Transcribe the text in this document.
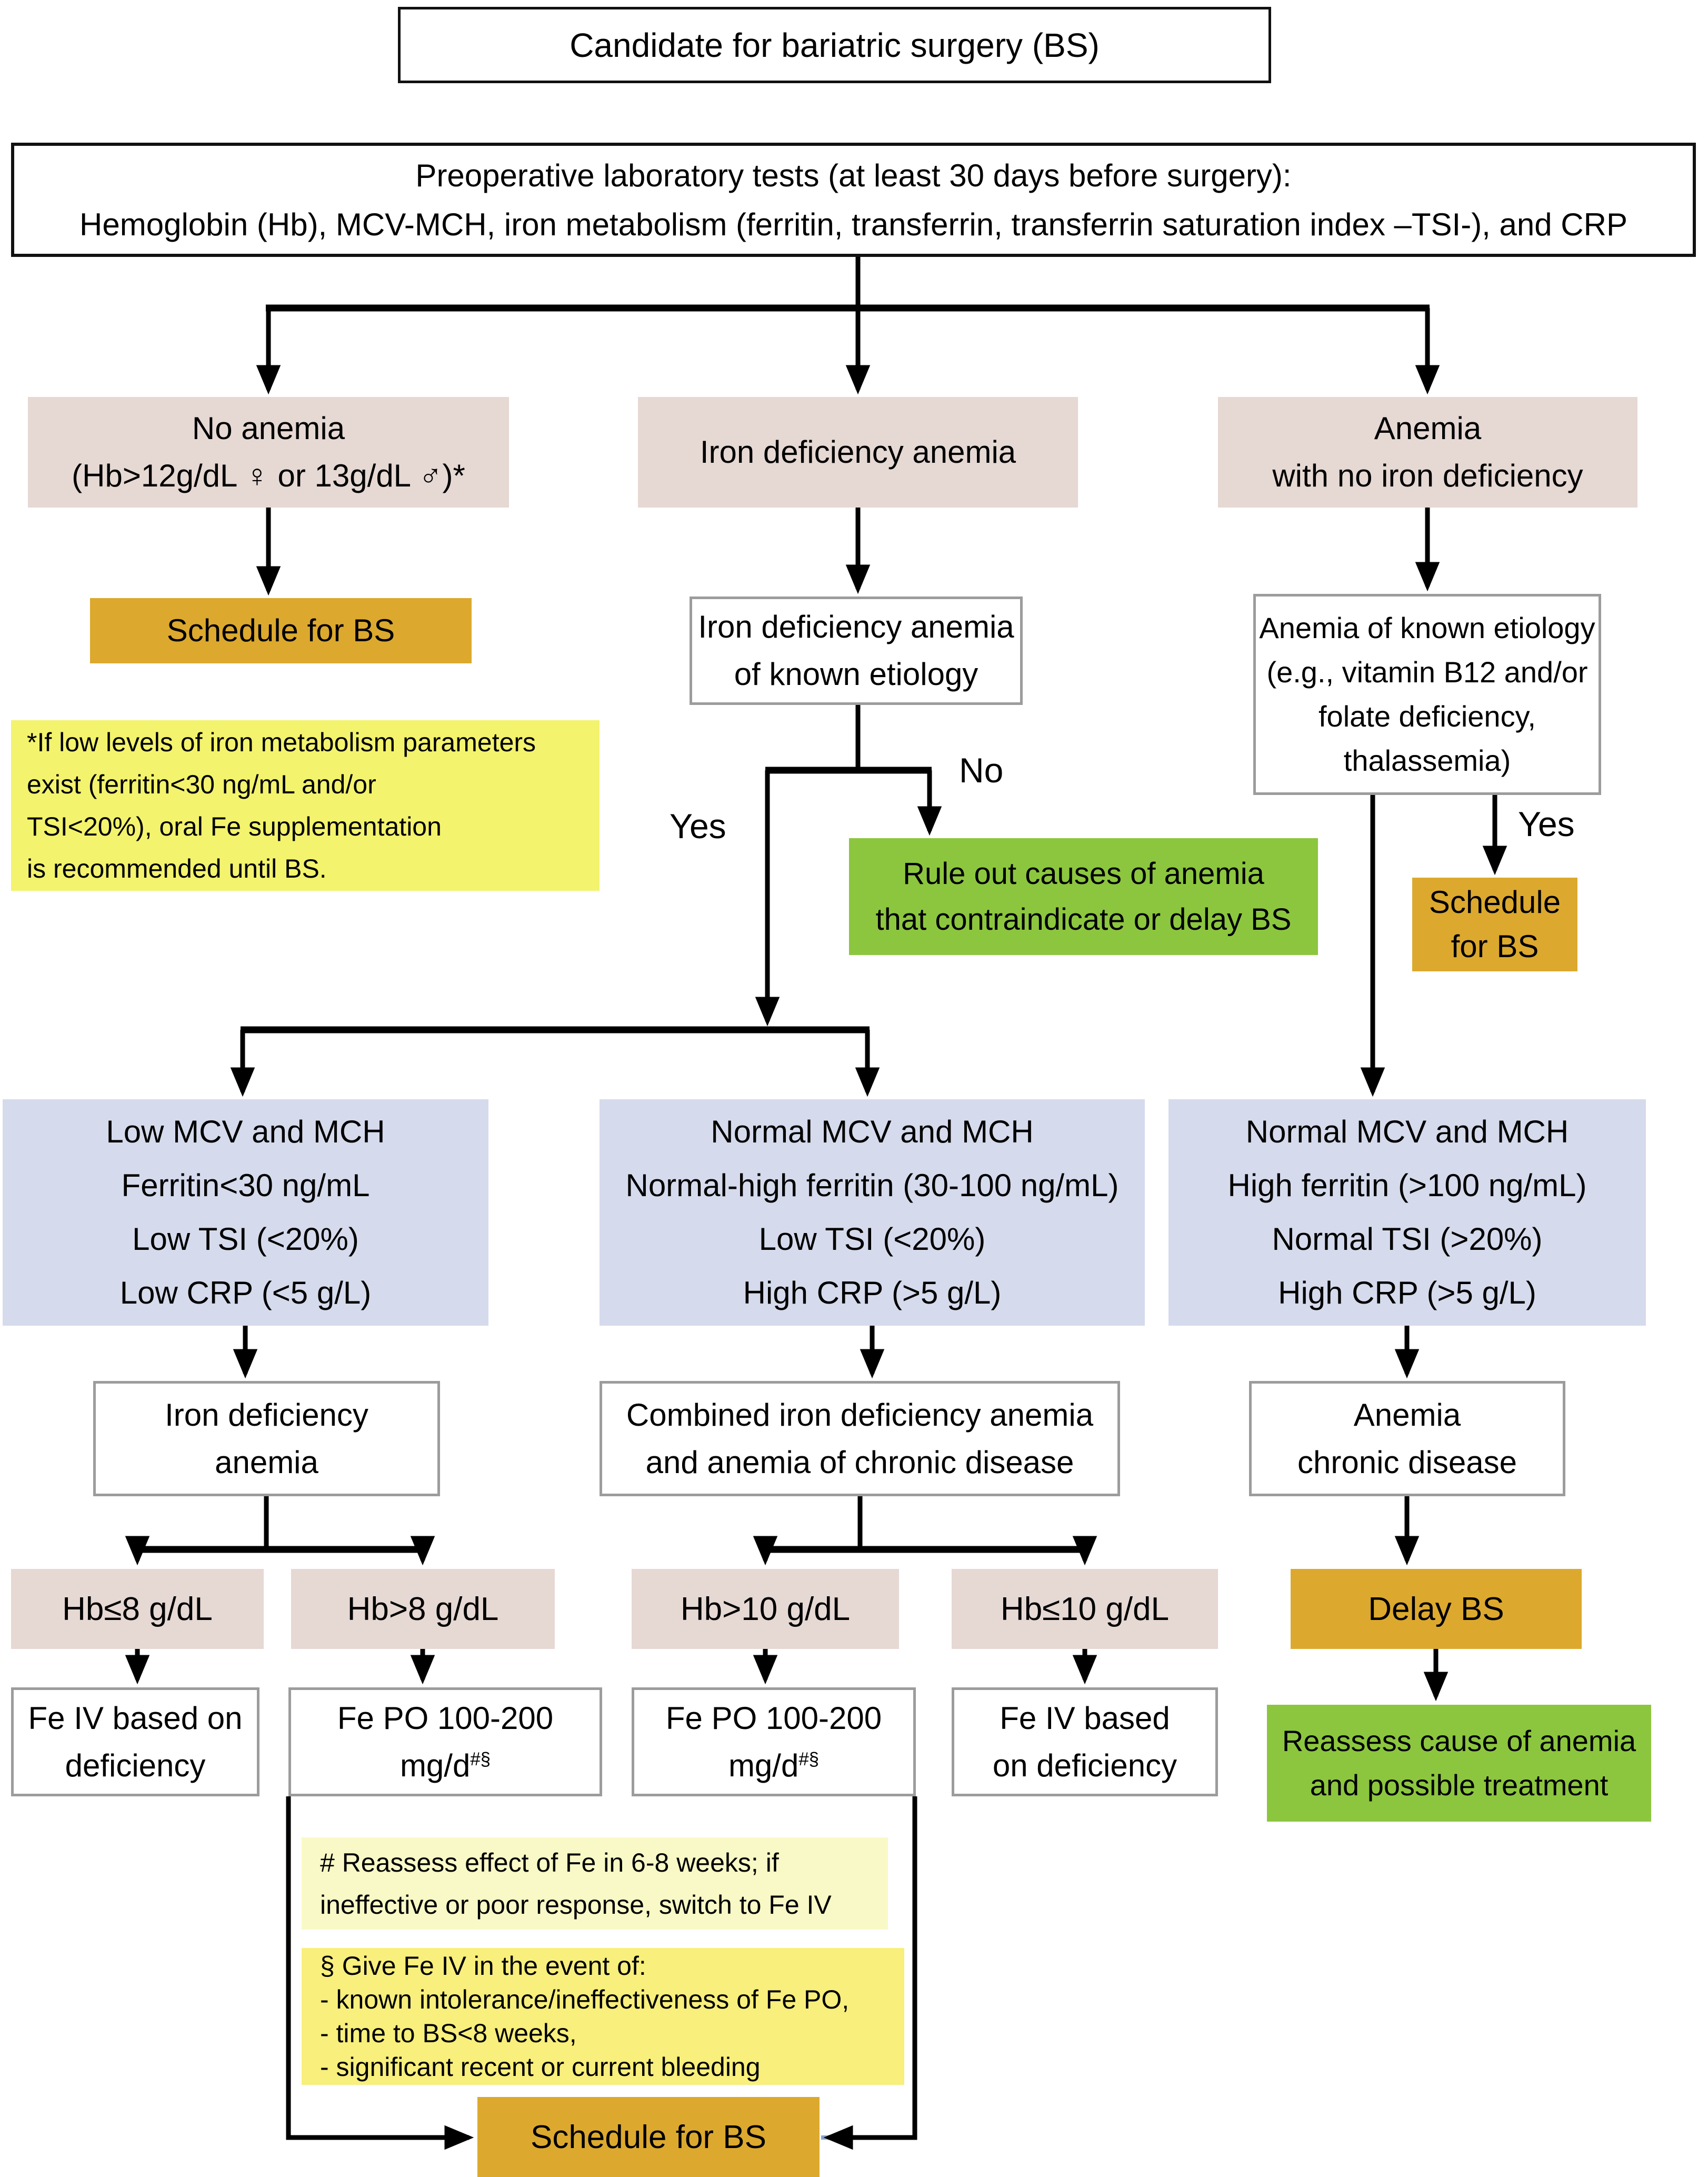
Candidate for bariatric surgery (BS)
Preoperative laboratory tests (at least 30 days before surgery):
Hemoglobin (Hb), MCV-MCH, iron metabolism (ferritin, transferrin, transferrin saturation index –TSI-), and CRP
No anemia
(Hb>12g/dL ♀ or 13g/dL ♂)*
Iron deficiency anemia
Anemia
with no iron deficiency
Schedule for BS
*If low levels of iron metabolism parameters
exist (ferritin<30 ng/mL and/or
TSI<20%), oral Fe supplementation
is recommended until BS.
Iron deficiency anemia
of known etiology
Yes
No
Rule out causes of anemia
that contraindicate or delay BS
Anemia of known etiology
(e.g., vitamin B12 and/or
folate deficiency,
thalassemia)
Yes
Schedule
for BS
Low MCV and MCH
Ferritin<30 ng/mL
Low TSI (<20%)
Low CRP (<5 g/L)
Normal MCV and MCH
Normal-high ferritin (30-100 ng/mL)
Low TSI (<20%)
High CRP (>5 g/L)
Normal MCV and MCH
High ferritin (>100 ng/mL)
Normal TSI (>20%)
High CRP (>5 g/L)
Iron deficiency
anemia
Combined iron deficiency anemia
and anemia of chronic disease
Anemia
chronic disease
Hb≤8 g/dL	Hb>8 g/dL	Hb>10 g/dL	Hb≤10 g/dL	Delay BS
Fe IV based on
deficiency
Fe PO 100-200
mg/d#§
Fe PO 100-200
mg/d#§
Fe IV based
on deficiency
Reassess cause of anemia
and possible treatment
# Reassess effect of Fe in 6-8 weeks; if
ineffective or poor response, switch to Fe IV
§ Give Fe IV in the event of:
- known intolerance/ineffectiveness of Fe PO,
- time to BS<8 weeks,
- significant recent or current bleeding
Schedule for BS
